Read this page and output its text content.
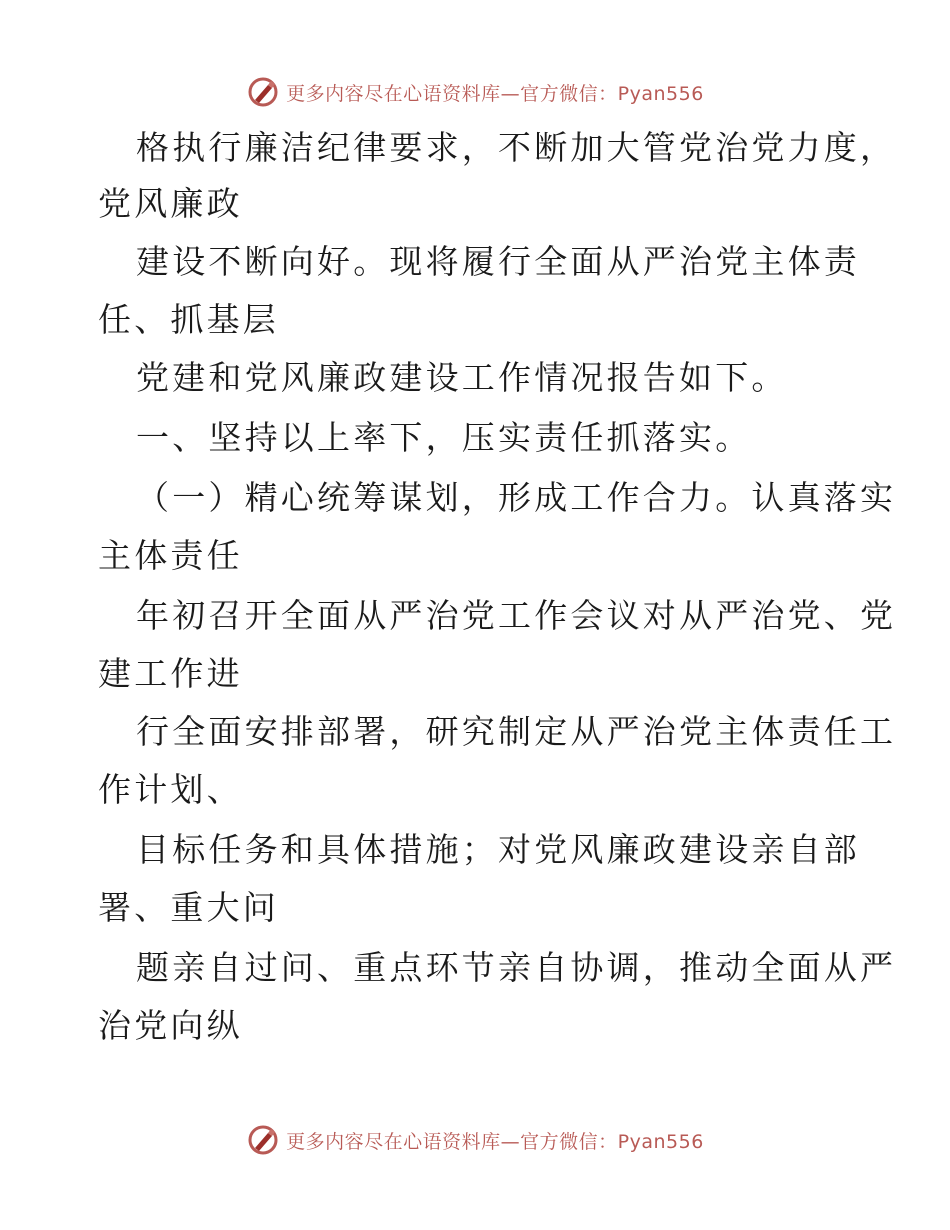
更多内容尽在心语资料库—官方微信：Pyan556
格执行廉洁纪律要求，不断加大管党治党力度，
党风廉政
建设不断向好。现将履行全面从严治党主体责
任、抓基层
党建和党风廉政建设工作情况报告如下。
一、坚持以上率下，压实责任抓落实。
（一）精心统筹谋划，形成工作合力。认真落实
主体责任
年初召开全面从严治党工作会议对从严治党、党
建工作进
行全面安排部署，研究制定从严治党主体责任工
作计划、
目标任务和具体措施；对党风廉政建设亲自部
署、重大问
题亲自过问、重点环节亲自协调，推动全面从严
治党向纵
更多内容尽在心语资料库—官方微信：Pyan556
